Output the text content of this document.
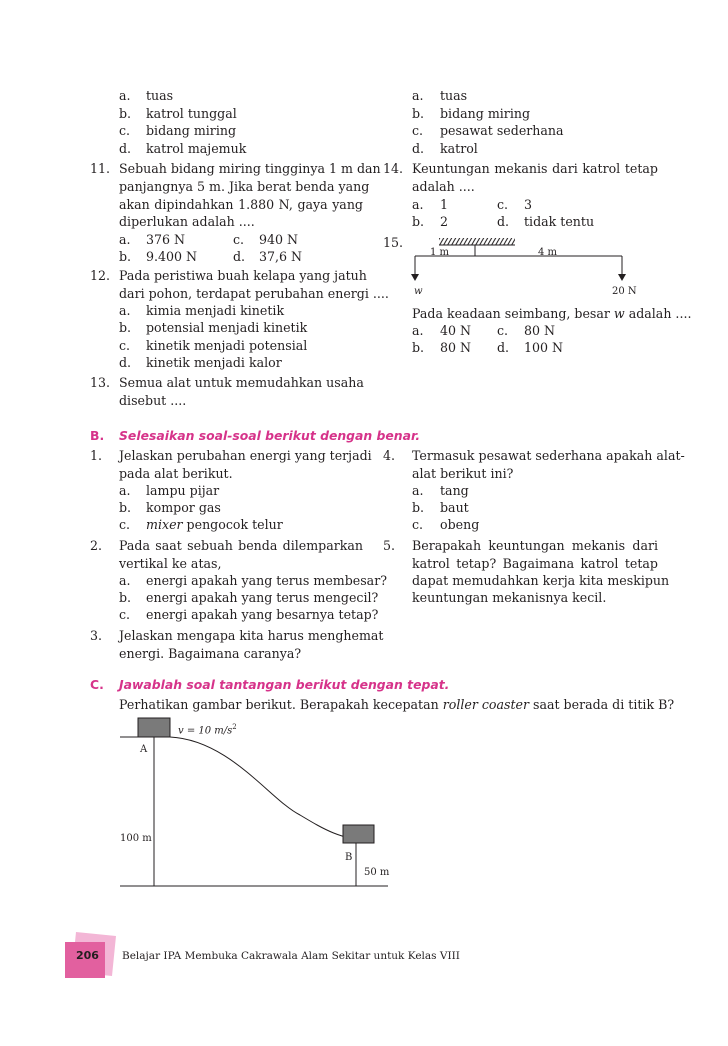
a. tuas
b. katrol tunggal
c. bidang miring
d. katrol majemuk
a. tuas
b. bidang miring
c. pesawat sederhana
d. katrol
11. Sebuah bidang miring tingginya 1 m dan
panjangnya 5 m. Jika berat benda yang
akan dipindahkan 1.880 N, gaya yang
diperlukan adalah ....
a. 376 N	c. 940 N
b. 9.400 N	d. 37,6 N
12. Pada peristiwa buah kelapa yang jatuh
dari pohon, terdapat perubahan energi ....
a. kimia menjadi kinetik
b. potensial menjadi kinetik
c. kinetik menjadi potensial
d. kinetik menjadi kalor
13. Semua alat untuk memudahkan usaha
disebut ....
14. Keuntungan mekanis dari katrol tetap
adalah ....
a. 1	c. 3
b. 2	d. tidak tentu
15.
1 m	4 m
w	20 N
Pada keadaan seimbang, besar w adalah ....
a. 40 N c. 80 N
b. 80 N d. 100 N
B. Selesaikan soal-soal berikut dengan benar.
1. Jelaskan perubahan energi yang terjadi
pada alat berikut.
a. lampu pijar
b. kompor gas
c. mixer pengocok telur
2. Pada saat sebuah benda dilemparkan
vertikal ke atas,
a. energi apakah yang terus membesar?
b. energi apakah yang terus mengecil?
c. energi apakah yang besarnya tetap?
3. Jelaskan mengapa kita harus menghemat
energi. Bagaimana caranya?
4. Termasuk pesawat sederhana apakah alat-
alat berikut ini?
a. tang
b. baut
c. obeng
5. Berapakah keuntungan mekanis dari
katrol tetap? Bagaimana katrol tetap
dapat memudahkan kerja kita meskipun
keuntungan mekanisnya kecil.
C. Jawablah soal tantangan berikut dengan tepat.
Perhatikan gambar berikut. Berapakah kecepatan roller coaster saat berada di titik B?
v = 10 $m/s^2$
A
B
100 m
50 m
206 Belajar IPA Membuka Cakrawala Alam Sekitar untuk Kelas VIII
